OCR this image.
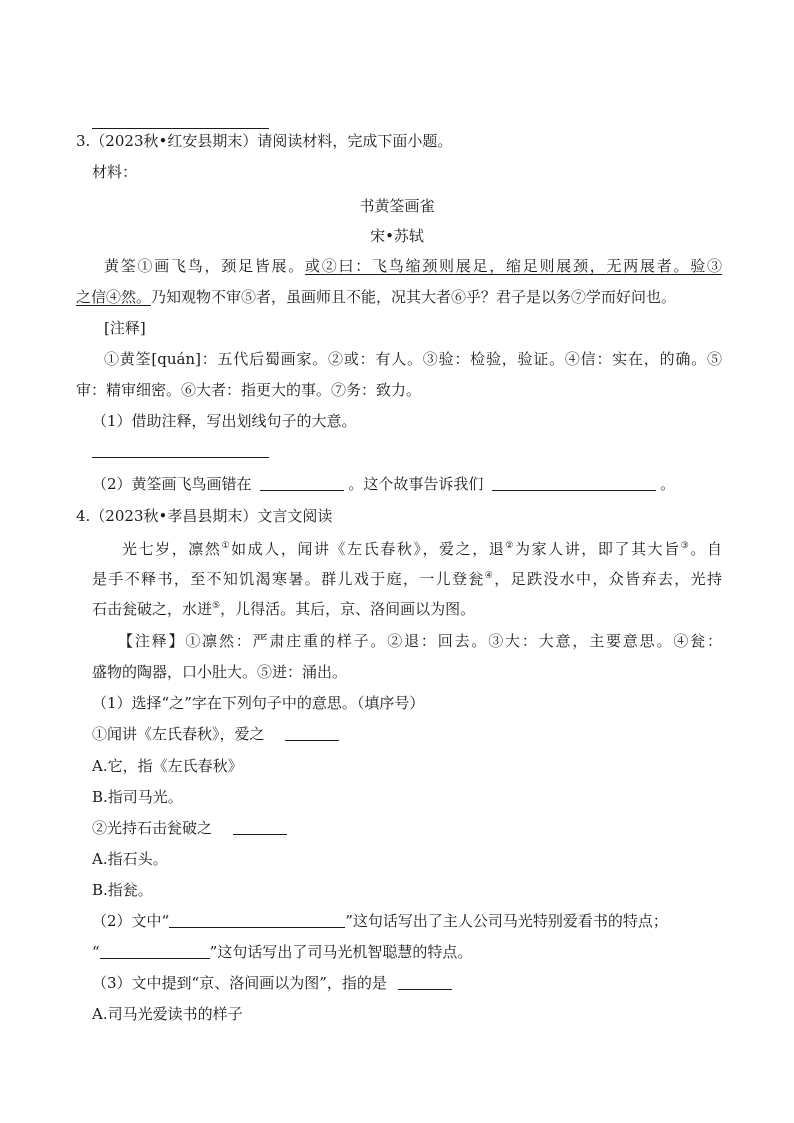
3.（2023秋•红安县期末）请阅读材料，完成下面小题。
材料：
书黄筌画雀
宋•苏轼
黄筌①画飞鸟，颈足皆展。或②曰：飞鸟缩颈则展足，缩足则展颈，无两展者。验③
之信④然。乃知观物不审⑤者，虽画师且不能，况其大者⑥乎？君子是以务⑦学而好问也。
[注释]
①黄筌[quán]：五代后蜀画家。②或：有人。③验：检验，验证。④信：实在，的确。⑤
审：精审细密。⑥大者：指更大的事。⑦务：致力。
（1）借助注释，写出划线句子的大意。
（2）黄筌画飞鸟画错在	。这个故事告诉我们	。
4.（2023秋•孝昌县期末）文言文阅读
光七岁，凛然①如成人，闻讲《左氏春秋》，爱之，退②为家人讲，即了其大旨③。自
是手不释书，至不知饥渴寒暑。群儿戏于庭，一儿登瓮④，足跌没水中，众皆弃去，光持
石击瓮破之，水迸⑤，儿得活。其后，京、洛间画以为图。
【注释】①凛然：严肃庄重的样子。②退：回去。③大：大意，主要意思。④瓮：
盛物的陶器，口小肚大。⑤迸：涌出。
（1）选择“之”字在下列句子中的意思。（填序号）
①闻讲《左氏春秋》，爱之
A.它，指《左氏春秋》
B.指司马光。
②光持石击瓮破之
A.指石头。
B.指瓮。
（2）文中“	”这句话写出了主人公司马光特别爱看书的特点；
“	”这句话写出了司马光机智聪慧的特点。
（3）文中提到“京、洛间画以为图”，指的是
A.司马光爱读书的样子
